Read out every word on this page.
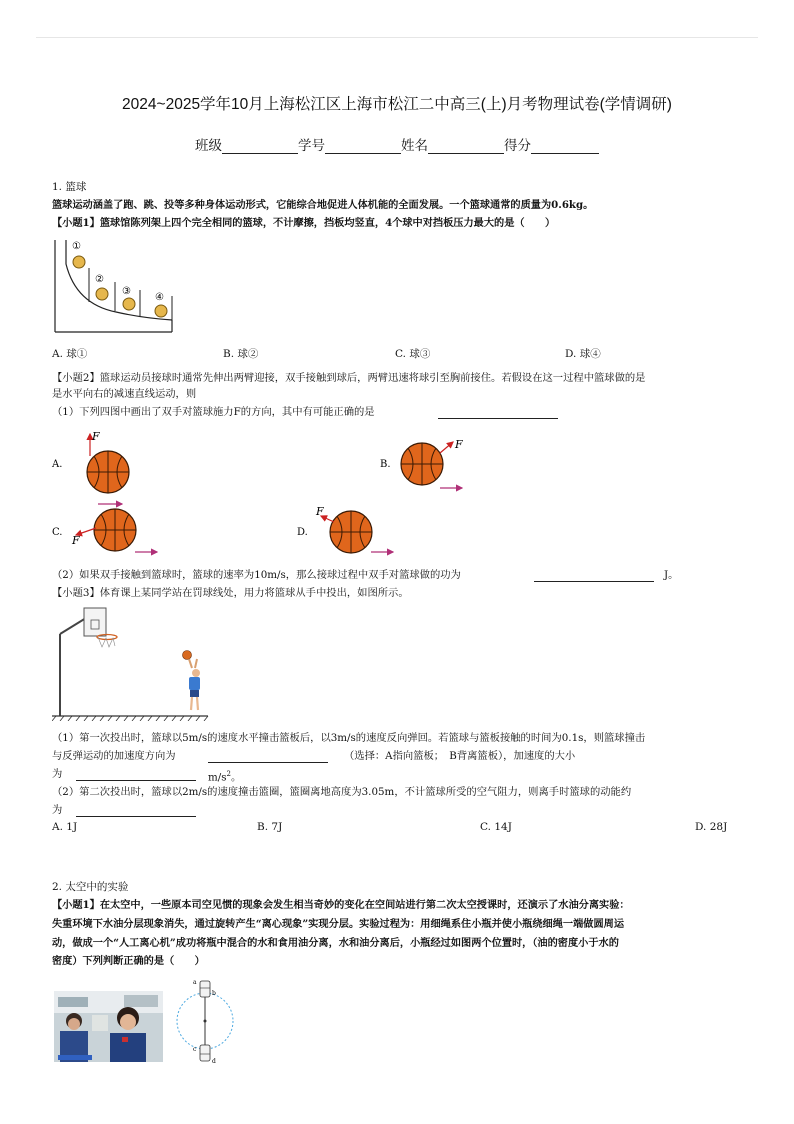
2024~2025学年10月上海松江区上海市松江二中高三(上)月考物理试卷(学情调研)
班级	学号	姓名	得分
1. 篮球
篮球运动涵盖了跑、跳、投等多种身体运动形式，它能综合地促进人体机能的全面发展。一个篮球通常的质量为0.6kg。
【小题1】篮球馆陈列架上四个完全相同的篮球，不计摩擦，挡板均竖直，4个球中对挡板压力最大的是（　　）
①
②
③
④
A. 球①	B. 球②	C. 球③	D. 球④
【小题2】篮球运动员接球时通常先伸出两臂迎接，双手接触到球后，两臂迅速将球引至胸前接住。若假设在这一过程中篮球做的是
是水平向右的减速直线运动，则
（1）下列四图中画出了双手对篮球施力F的方向，其中有可能正确的是
A.
F
B.
F
C.
F
D.
F
（2）如果双手接触到篮球时，篮球的速率为10m/s，那么接球过程中双手对篮球做的功为	J。
【小题3】体育课上某同学站在罚球线处，用力将篮球从手中投出，如图所示。
（1）第一次投出时，篮球以5m/s的速度水平撞击篮板后，以3m/s的速度反向弹回。若篮球与篮板接触的时间为0.1s，则篮球撞击
与反弹运动的加速度方向为	（选择：A指向篮板；　B背离篮板），加速度的大小
为	$m/s^2$。
（2）第二次投出时，篮球以2m/s的速度撞击篮圈，篮圈离地高度为3.05m，不计篮球所受的空气阻力，则离手时篮球的动能约
为
A. 1J	B. 7J	C. 14J	D. 28J
2. 太空中的实验
【小题1】在太空中，一些原本司空见惯的现象会发生相当奇妙的变化在空间站进行第二次太空授课时，还演示了水油分离实验：
失重环境下水油分层现象消失，通过旋转产生“离心现象”实现分层。实验过程为：用细绳系住小瓶并使小瓶绕细绳一端做圆周运
动，做成一个“人工离心机”成功将瓶中混合的水和食用油分离，水和油分离后，小瓶经过如图两个位置时，（油的密度小于水的
密度）下列判断正确的是（　　）
a
b
c
d
